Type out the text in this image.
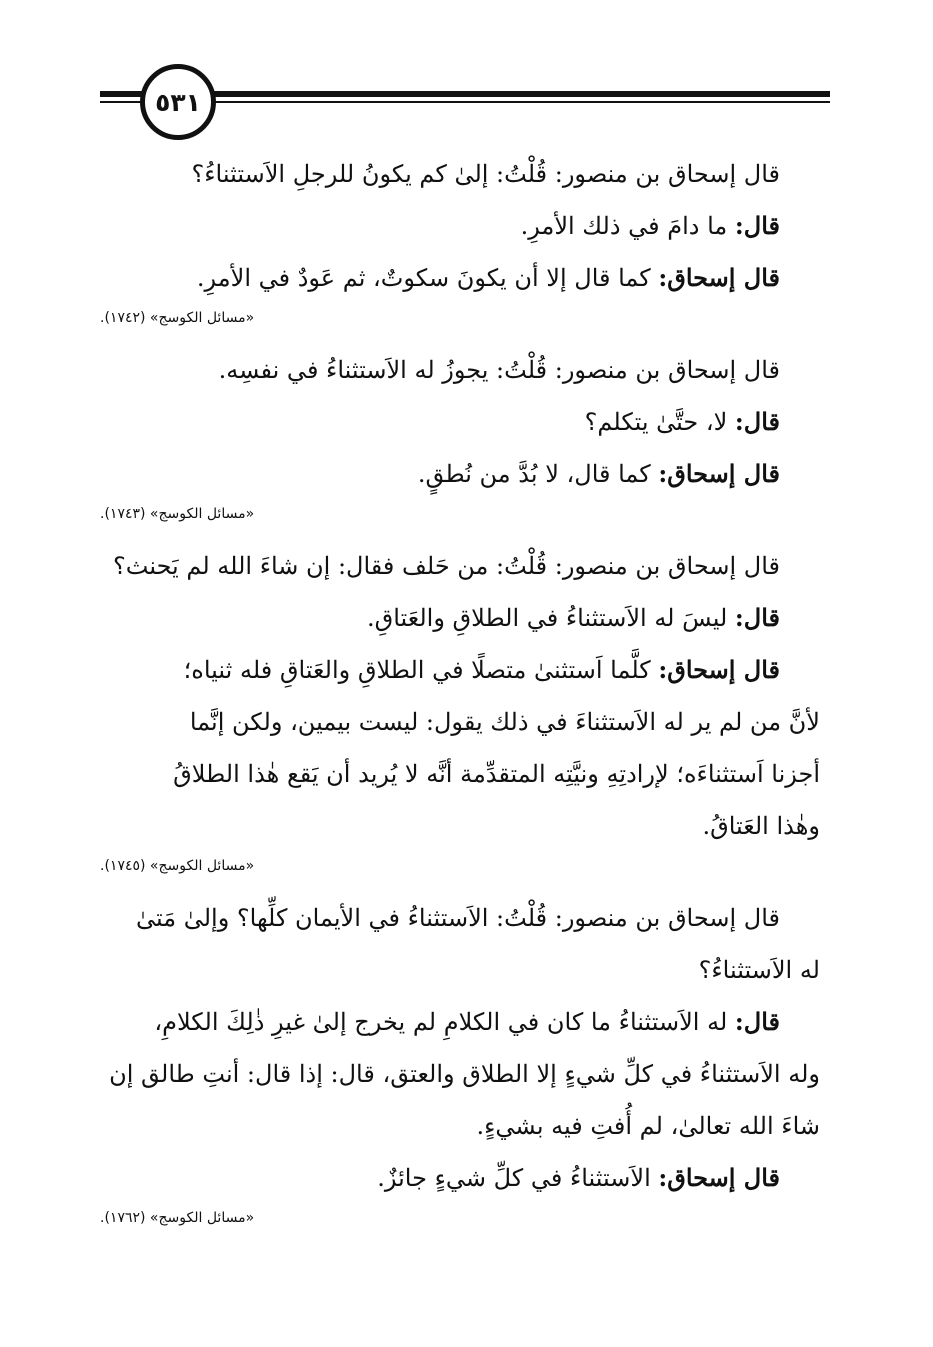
٥٣١
قال إسحاق بن منصور: قُلْتُ: إلىٰ كم يكونُ للرجلِ الاَستثناءُ؟
قال: ما دامَ في ذلك الأمرِ.
قال إسحاق: كما قال إلا أن يكونَ سكوتٌ، ثم عَودٌ في الأمرِ.
«مسائل الكوسج» (١٧٤٢).
قال إسحاق بن منصور: قُلْتُ: يجوزُ له الاَستثناءُ في نفسِه.
قال: لا، حتَّىٰ يتكلم؟
قال إسحاق: كما قال، لا بُدَّ من نُطقٍ.
«مسائل الكوسج» (١٧٤٣).
قال إسحاق بن منصور: قُلْتُ: من حَلف فقال: إن شاءَ الله لم يَحنث؟
قال: ليسَ له الاَستثناءُ في الطلاقِ والعَتاقِ.
قال إسحاق: كلَّما اَستثنىٰ متصلًا في الطلاقِ والعَتاقِ فله ثنياه؛
لأنَّ من لم ير له الاَستثناءَ في ذلك يقول: ليست بيمين، ولكن إنَّما
أجزنا اَستثناءَه؛ لإرادتِهِ ونيَّتِه المتقدِّمة أنَّه لا يُريد أن يَقع هٰذا الطلاقُ
وهٰذا العَتاقُ.
«مسائل الكوسج» (١٧٤٥).
قال إسحاق بن منصور: قُلْتُ: الاَستثناءُ في الأيمان كلِّها؟ وإلىٰ مَتىٰ
له الاَستثناءُ؟
قال: له الاَستثناءُ ما كان في الكلامِ لم يخرج إلىٰ غيرِ ذٰلِكَ الكلامِ،
وله الاَستثناءُ في كلِّ شيءٍ إلا الطلاق والعتق، قال: إذا قال: أنتِ طالق إن
شاءَ الله تعالىٰ، لم أُفتِ فيه بشيءٍ.
قال إسحاق: الاَستثناءُ في كلِّ شيءٍ جائزٌ.
«مسائل الكوسج» (١٧٦٢).
